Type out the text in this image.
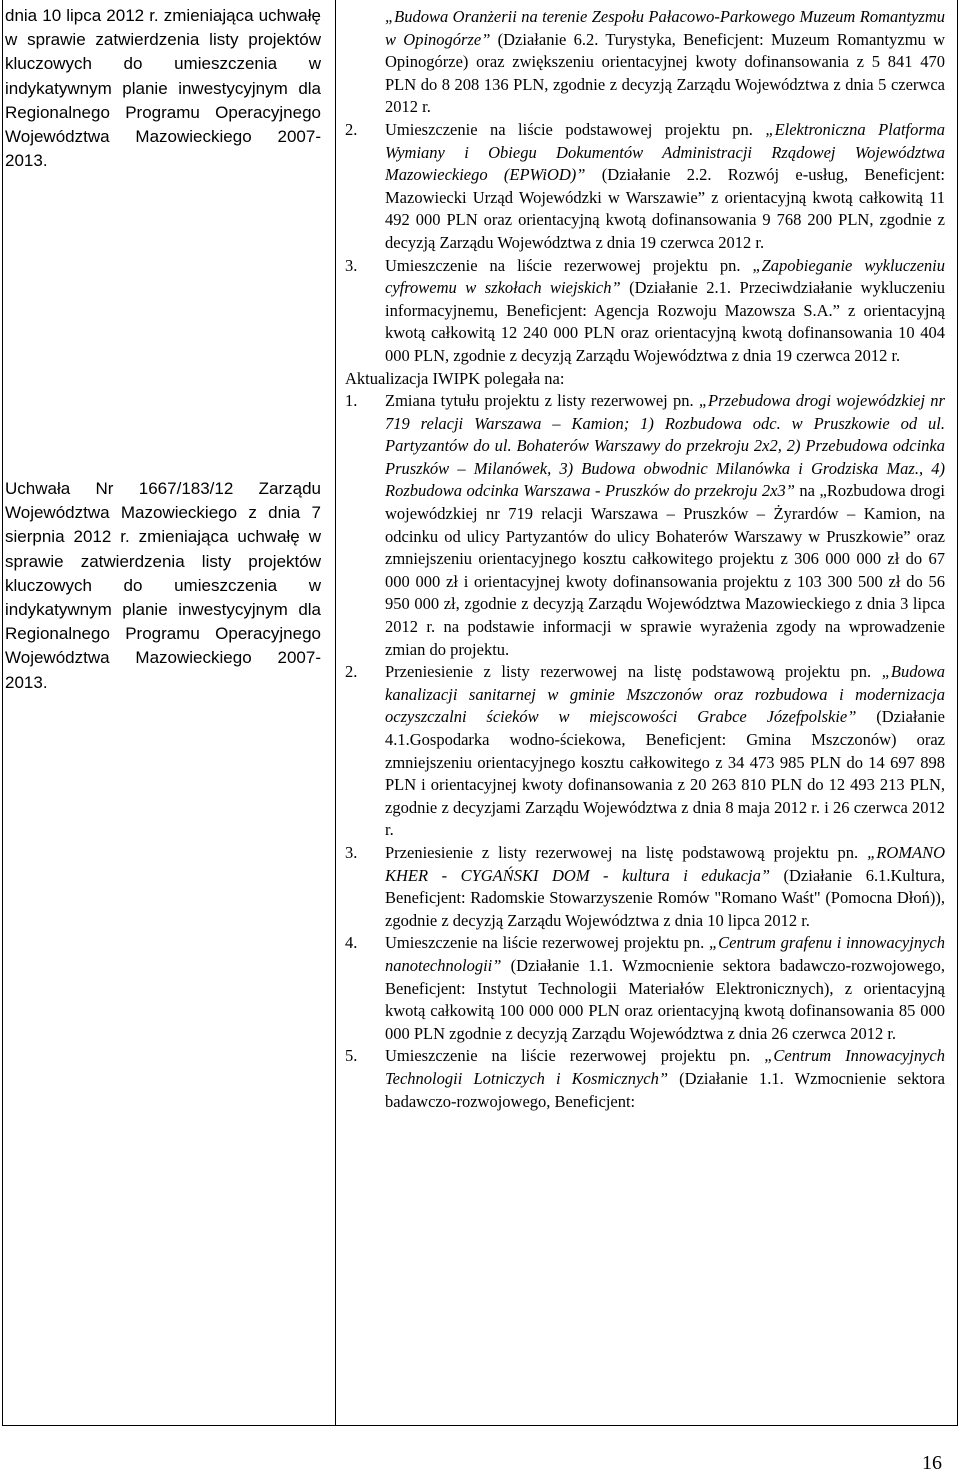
dnia 10 lipca 2012 r. zmieniająca uchwałę w sprawie zatwierdzenia listy projektów kluczowych do umieszczenia w indykatywnym planie inwestycyjnym dla Regionalnego Programu Operacyjnego Województwa Mazowieckiego 2007-2013.

Uchwała Nr 1667/183/12 Zarządu Województwa Mazowieckiego z dnia 7 sierpnia 2012 r. zmieniająca uchwałę w sprawie zatwierdzenia listy projektów kluczowych do umieszczenia w indykatywnym planie inwestycyjnym dla Regionalnego Programu Operacyjnego Województwa Mazowieckiego 2007-2013.

„Budowa Oranżerii na terenie Zespołu Pałacowo-Parkowego Muzeum Romantyzmu w Opinogórze” (Działanie 6.2. Turystyka, Beneficjent: Muzeum Romantyzmu w Opinogórze) oraz zwiększeniu orientacyjnej kwoty dofinansowania z 5 841 470 PLN do 8 208 136 PLN, zgodnie z decyzją Zarządu Województwa z dnia 5 czerwca 2012 r.

2. Umieszczenie na liście podstawowej projektu pn. „Elektroniczna Platforma Wymiany i Obiegu Dokumentów Administracji Rządowej Województwa Mazowieckiego (EPWiOD)” (Działanie 2.2. Rozwój e-usług, Beneficjent: Mazowiecki Urząd Wojewódzki w Warszawie” z orientacyjną kwotą całkowitą 11 492 000 PLN oraz orientacyjną kwotą dofinansowania 9 768 200 PLN, zgodnie z decyzją Zarządu Województwa z dnia 19 czerwca 2012 r.
3. Umieszczenie na liście rezerwowej projektu pn. „Zapobieganie wykluczeniu cyfrowemu w szkołach wiejskich” (Działanie 2.1. Przeciwdziałanie wykluczeniu informacyjnemu, Beneficjent: Agencja Rozwoju Mazowsza S.A.” z orientacyjną kwotą całkowitą 12 240 000 PLN oraz orientacyjną kwotą dofinansowania 10 404 000 PLN, zgodnie z decyzją Zarządu Województwa z dnia 19 czerwca 2012 r.

Aktualizacja IWIPK polegała na:

1. Zmiana tytułu projektu z listy rezerwowej pn. „Przebudowa drogi wojewódzkiej nr 719 relacji Warszawa – Kamion; 1) Rozbudowa odc. w Pruszkowie od ul. Partyzantów do ul. Bohaterów Warszawy do przekroju 2x2, 2) Przebudowa odcinka Pruszków – Milanówek, 3) Budowa obwodnic Milanówka i Grodziska Maz., 4) Rozbudowa odcinka Warszawa - Pruszków do przekroju 2x3” na „Rozbudowa drogi wojewódzkiej nr 719 relacji Warszawa – Pruszków – Żyrardów – Kamion, na odcinku od ulicy Partyzantów do ulicy Bohaterów Warszawy w Pruszkowie” oraz zmniejszeniu orientacyjnego kosztu całkowitego projektu z 306 000 000 zł do 67 000 000 zł i orientacyjnej kwoty dofinansowania projektu z 103 300 500 zł do 56 950 000 zł, zgodnie z decyzją Zarządu Województwa Mazowieckiego z dnia 3 lipca 2012 r. na podstawie informacji w sprawie wyrażenia zgody na wprowadzenie zmian do projektu.
2. Przeniesienie z listy rezerwowej na listę podstawową projektu pn. „Budowa kanalizacji sanitarnej w gminie Mszczonów oraz rozbudowa i modernizacja oczyszczalni ścieków w miejscowości Grabce Józefpolskie” (Działanie 4.1.Gospodarka wodno-ściekowa, Beneficjent: Gmina Mszczonów) oraz zmniejszeniu orientacyjnego kosztu całkowitego z 34 473 985 PLN do 14 697 898 PLN i orientacyjnej kwoty dofinansowania z 20 263 810 PLN do 12 493 213 PLN, zgodnie z decyzjami Zarządu Województwa z dnia 8 maja 2012 r. i 26 czerwca 2012 r.
3. Przeniesienie z listy rezerwowej na listę podstawową projektu pn. „ROMANO KHER - CYGAŃSKI DOM - kultura i edukacja” (Działanie 6.1.Kultura, Beneficjent: Radomskie Stowarzyszenie Romów "Romano Waśt" (Pomocna Dłoń)), zgodnie z decyzją Zarządu Województwa z dnia 10 lipca 2012 r.
4. Umieszczenie na liście rezerwowej projektu pn. „Centrum grafenu i innowacyjnych nanotechnologii” (Działanie 1.1. Wzmocnienie sektora badawczo-rozwojowego, Beneficjent: Instytut Technologii Materiałów Elektronicznych), z orientacyjną kwotą całkowitą 100 000 000 PLN oraz orientacyjną kwotą dofinansowania 85 000 000 PLN zgodnie z decyzją Zarządu Województwa z dnia 26 czerwca 2012 r.
5. Umieszczenie na liście rezerwowej projektu pn. „Centrum Innowacyjnych Technologii Lotniczych i Kosmicznych” (Działanie 1.1. Wzmocnienie sektora badawczo-rozwojowego, Beneficjent:
16
